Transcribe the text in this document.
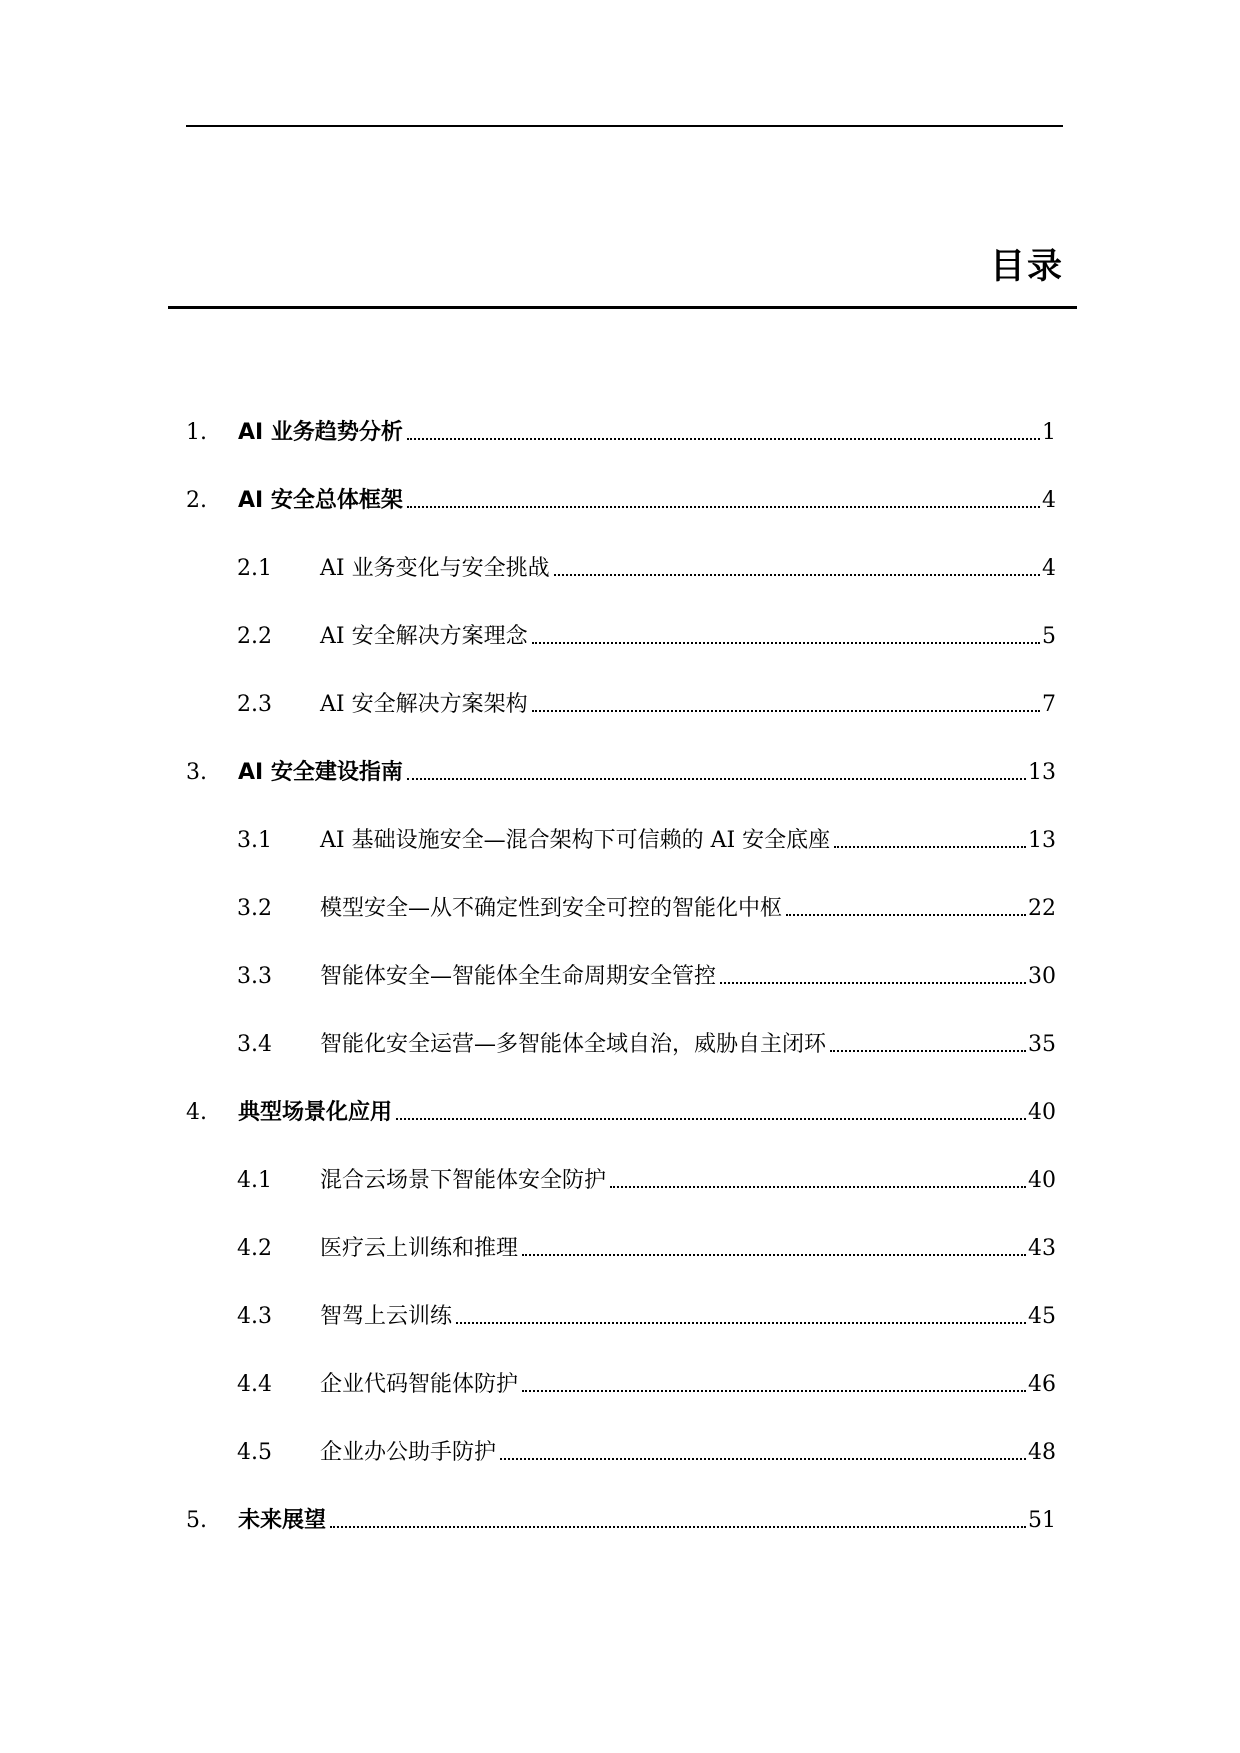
目录
1.	AI 业务趋势分析	1
2.	AI 安全总体框架	4
2.1	AI 业务变化与安全挑战	4
2.2	AI 安全解决方案理念	5
2.3	AI 安全解决方案架构	7
3.	AI 安全建设指南	13
3.1	AI 基础设施安全—混合架构下可信赖的 AI 安全底座	13
3.2	模型安全—从不确定性到安全可控的智能化中枢	22
3.3	智能体安全—智能体全生命周期安全管控	30
3.4	智能化安全运营—多智能体全域自治，威胁自主闭环	35
4.	典型场景化应用	40
4.1	混合云场景下智能体安全防护	40
4.2	医疗云上训练和推理	43
4.3	智驾上云训练	45
4.4	企业代码智能体防护	46
4.5	企业办公助手防护	48
5.	未来展望	51
